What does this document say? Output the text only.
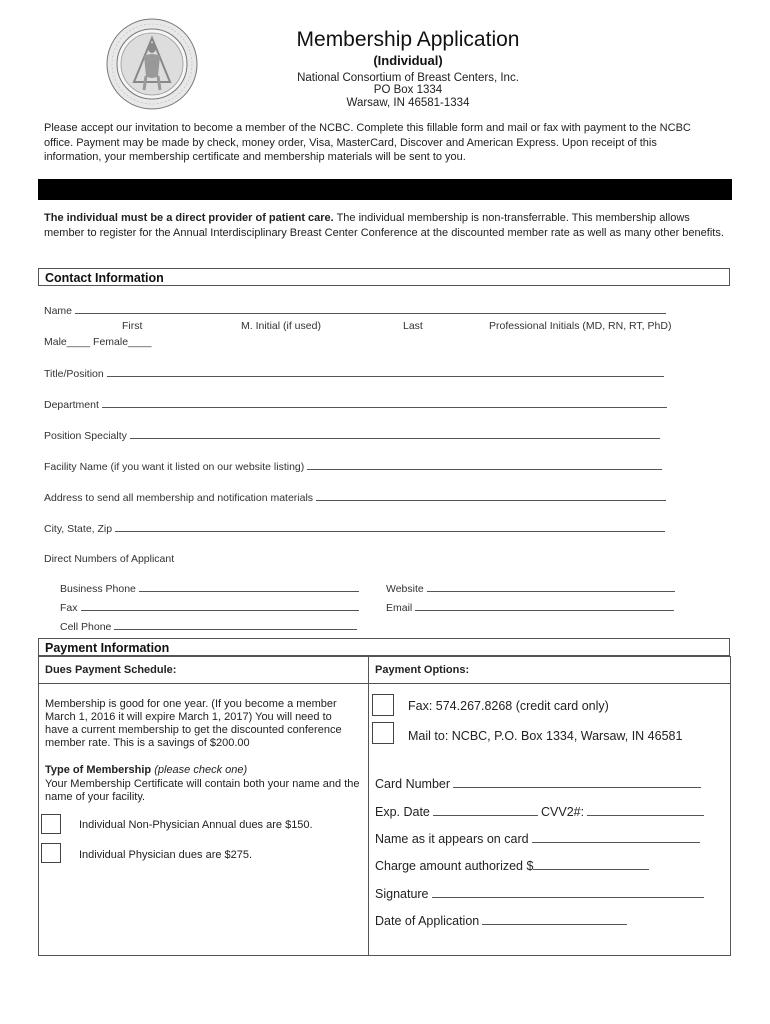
Membership Application
(Individual)
National Consortium of Breast Centers, Inc.
PO Box 1334
Warsaw, IN 46581-1334
Please accept our invitation to become a member of the NCBC. Complete this fillable form and mail or fax with payment to the NCBC office. Payment may be made by check, money order, Visa, MasterCard, Discover and American Express. Upon receipt of this information, your membership certificate and membership materials will be sent to you.
The individual must be a direct provider of patient care. The individual membership is non-transferrable. This membership allows member to register for the Annual Interdisciplinary Breast Center Conference at the discounted member rate as well as many other benefits.
Contact Information
Name
First	M. Initial (if used)	Last	Professional Initials (MD, RN, RT, PhD)
Male____ Female____
Title/Position
Department
Position Specialty
Facility Name (if you want it listed on our website listing)
Address to send all membership and notification materials
City, State, Zip
Direct Numbers of Applicant
Business Phone	Website
Fax	Email
Cell Phone
Payment Information
Dues Payment Schedule:	Payment Options:
Membership is good for one year. (If you become a member March 1, 2016 it will expire March 1, 2017) You will need to have a current membership to get the discounted conference member rate. This is a savings of $200.00
Type of Membership (please check one)
Your Membership Certificate will contain both your name and the name of your facility.
Individual Non-Physician Annual dues are $150.
Individual Physician dues are $275.
Fax: 574.267.8268 (credit card only)
Mail to: NCBC, P.O. Box 1334, Warsaw, IN 46581
Card Number
Exp. Date	CVV2#:
Name as it appears on card
Charge amount authorized $
Signature
Date of Application
